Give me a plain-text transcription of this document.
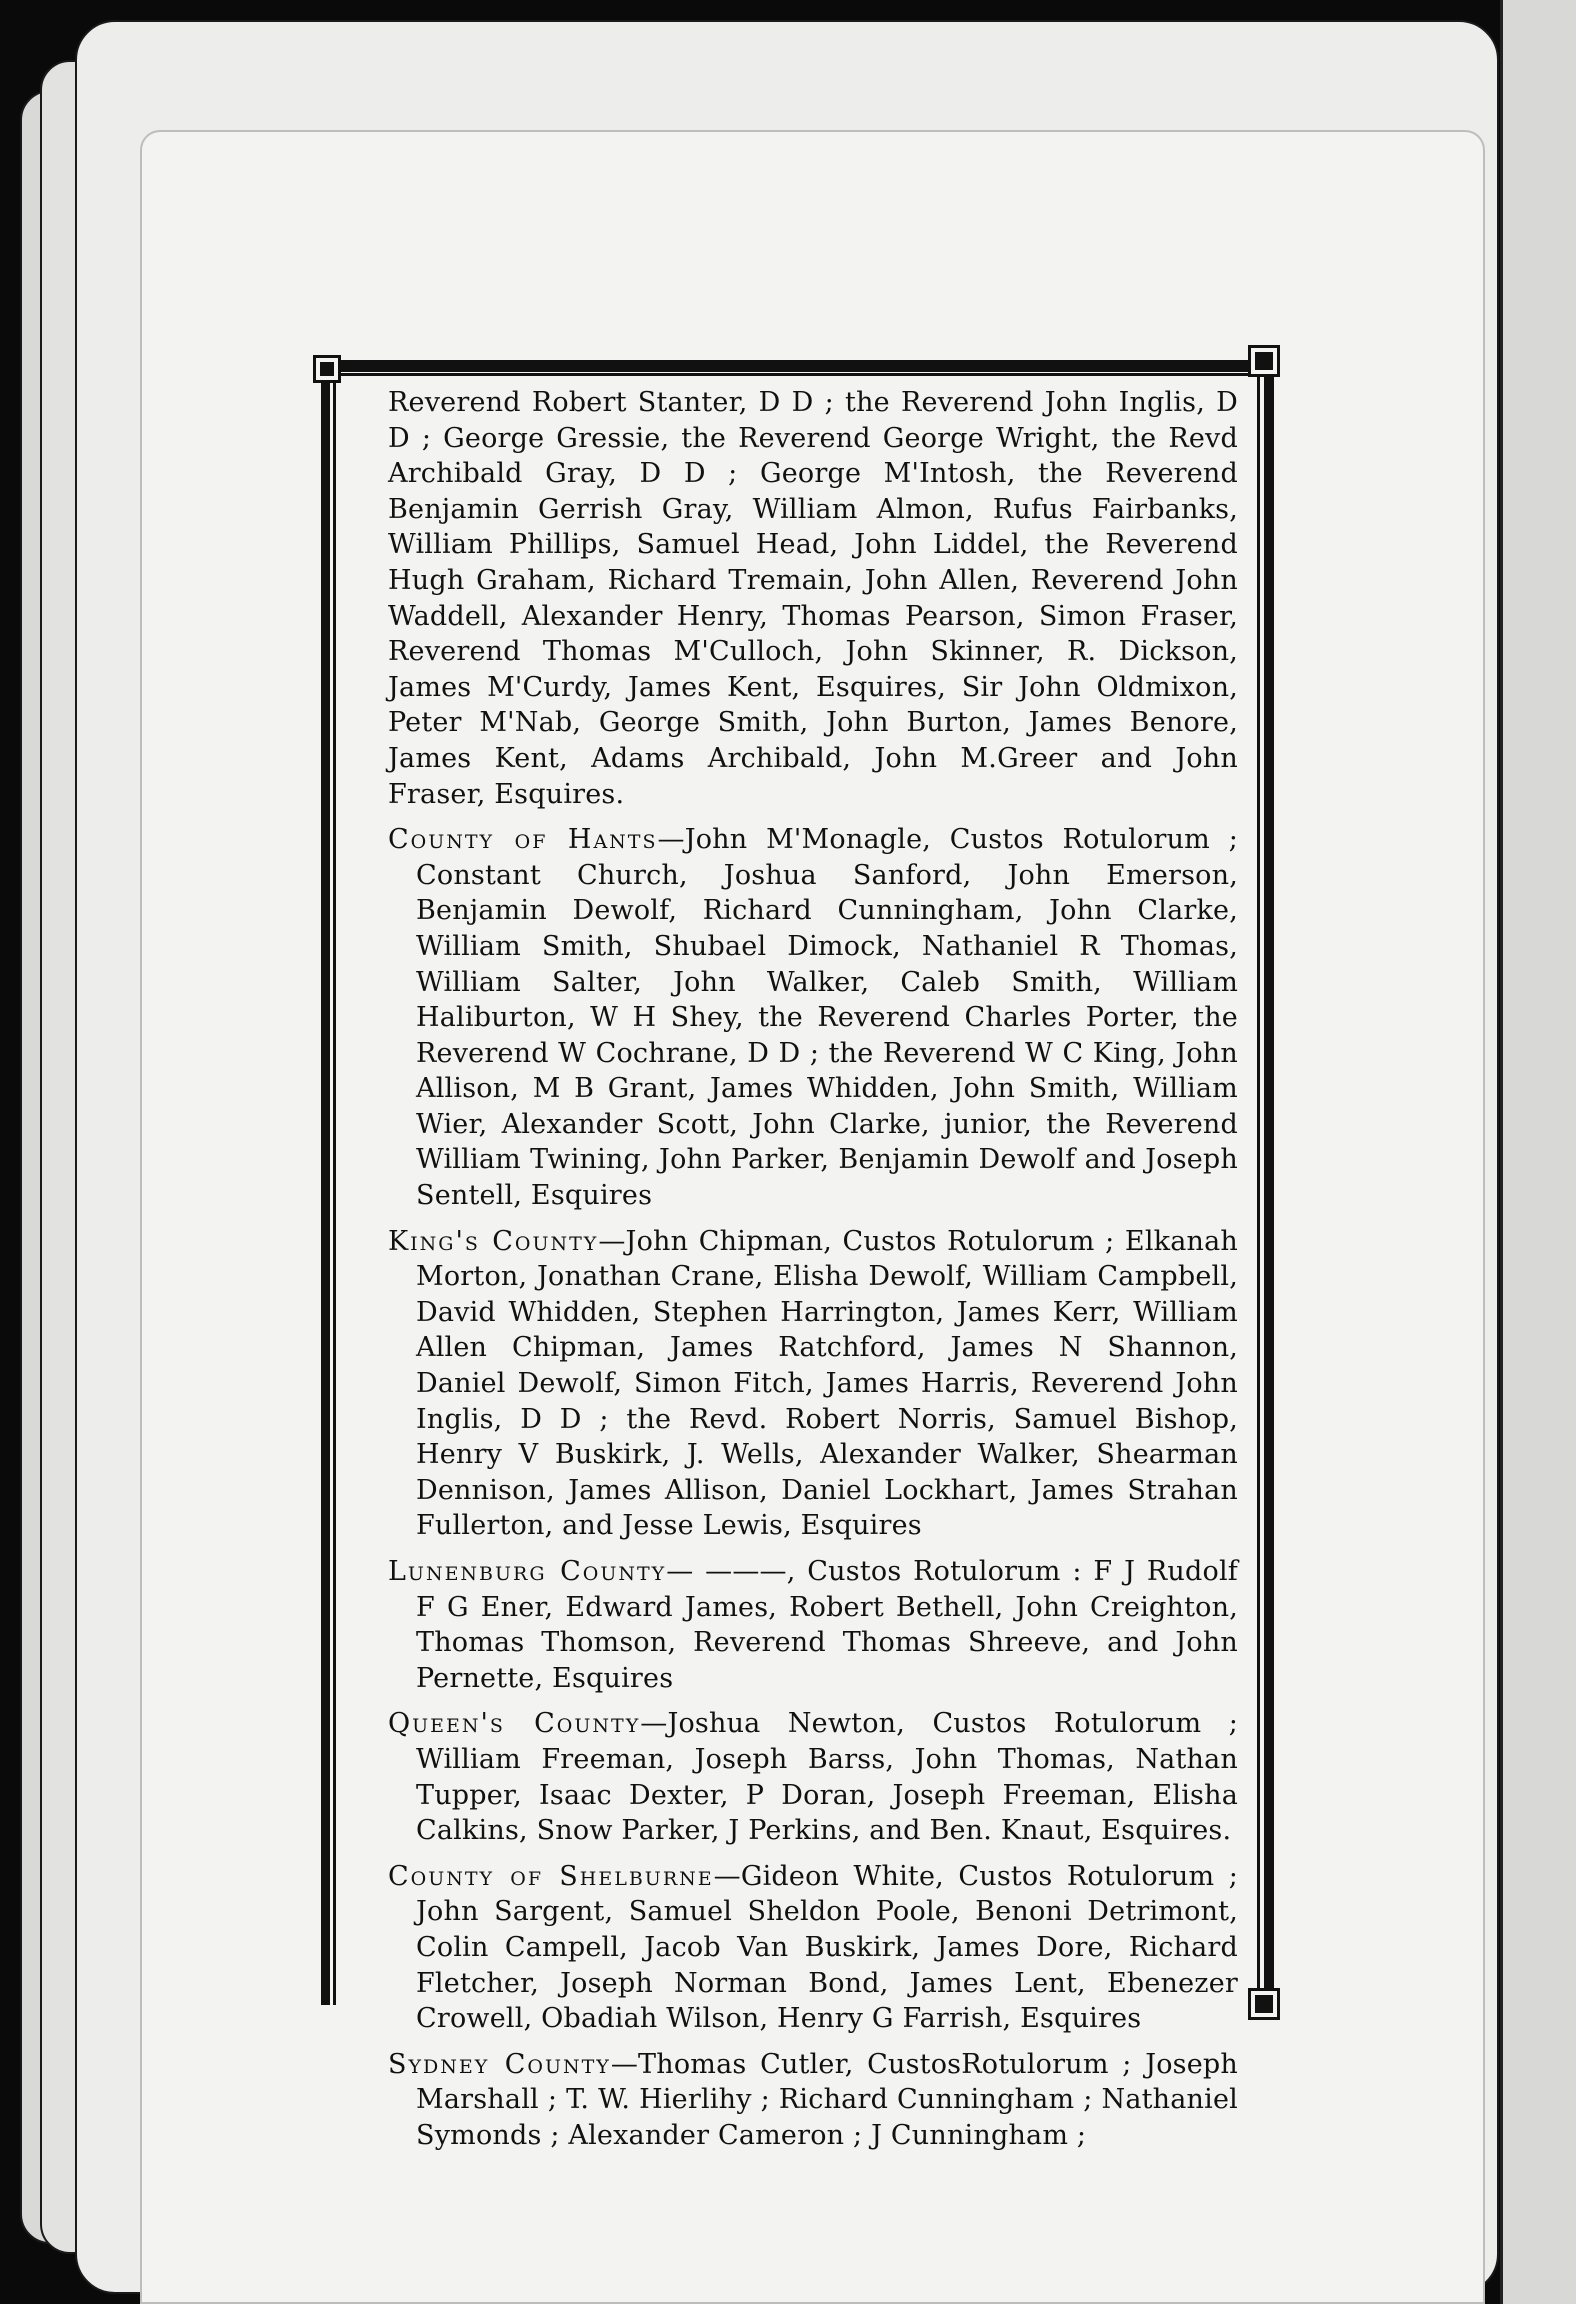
Reverend Robert Stanter, D D ; the Reverend John Inglis, D D ; George Gressie, the Reverend George Wright, the Revd Archibald Gray, D D ; George M'Intosh, the Reverend Benjamin Gerrish Gray, William Almon, Rufus Fairbanks, William Phillips, Samuel Head, John Liddel, the Reverend Hugh Graham, Richard Tremain, John Allen, Reverend John Waddell, Alexander Henry, Thomas Pearson, Simon Fraser, Reverend Thomas M'Culloch, John Skinner, R. Dickson, James M'Curdy, James Kent, Esquires, Sir John Oldmixon, Peter M'Nab, George Smith, John Burton, James Benore, James Kent, Adams Archibald, John M.Greer and John Fraser, Esquires.

County of Hants—John M'Monagle, Custos Rotulorum ; Constant Church, Joshua Sanford, John Emerson, Benjamin Dewolf, Richard Cunningham, John Clarke, William Smith, Shubael Dimock, Nathaniel R Thomas, William Salter, John Walker, Caleb Smith, William Haliburton, W H Shey, the Reverend Charles Porter, the Reverend W Cochrane, D D ; the Reverend W C King, John Allison, M B Grant, James Whidden, John Smith, William Wier, Alexander Scott, John Clarke, junior, the Reverend William Twining, John Parker, Benjamin Dewolf and Joseph Sentell, Esquires

King's County—John Chipman, Custos Rotulorum ; Elkanah Morton, Jonathan Crane, Elisha Dewolf, William Campbell, David Whidden, Stephen Harrington, James Kerr, William Allen Chipman, James Ratchford, James N Shannon, Daniel Dewolf, Simon Fitch, James Harris, Reverend John Inglis, D D ; the Revd. Robert Norris, Samuel Bishop, Henry V Buskirk, J. Wells, Alexander Walker, Shearman Dennison, James Allison, Daniel Lockhart, James Strahan Fullerton, and Jesse Lewis, Esquires

Lunenburg County— ———, Custos Rotulorum : F J Rudolf F G Ener, Edward James, Robert Bethell, John Creighton, Thomas Thomson, Reverend Thomas Shreeve, and John Pernette, Esquires

Queen's County—Joshua Newton, Custos Rotulorum ; William Freeman, Joseph Barss, John Thomas, Nathan Tupper, Isaac Dexter, P Doran, Joseph Freeman, Elisha Calkins, Snow Parker, J Perkins, and Ben. Knaut, Esquires.

County of Shelburne—Gideon White, Custos Rotulorum ; John Sargent, Samuel Sheldon Poole, Benoni Detrimont, Colin Campell, Jacob Van Buskirk, James Dore, Richard Fletcher, Joseph Norman Bond, James Lent, Ebenezer Crowell, Obadiah Wilson, Henry G Farrish, Esquires

Sydney County—Thomas Cutler, CustosRotulorum ; Joseph Marshall ; T. W. Hierlihy ; Richard Cunningham ; Nathaniel Symonds ; Alexander Cameron ; J Cunningham ;
